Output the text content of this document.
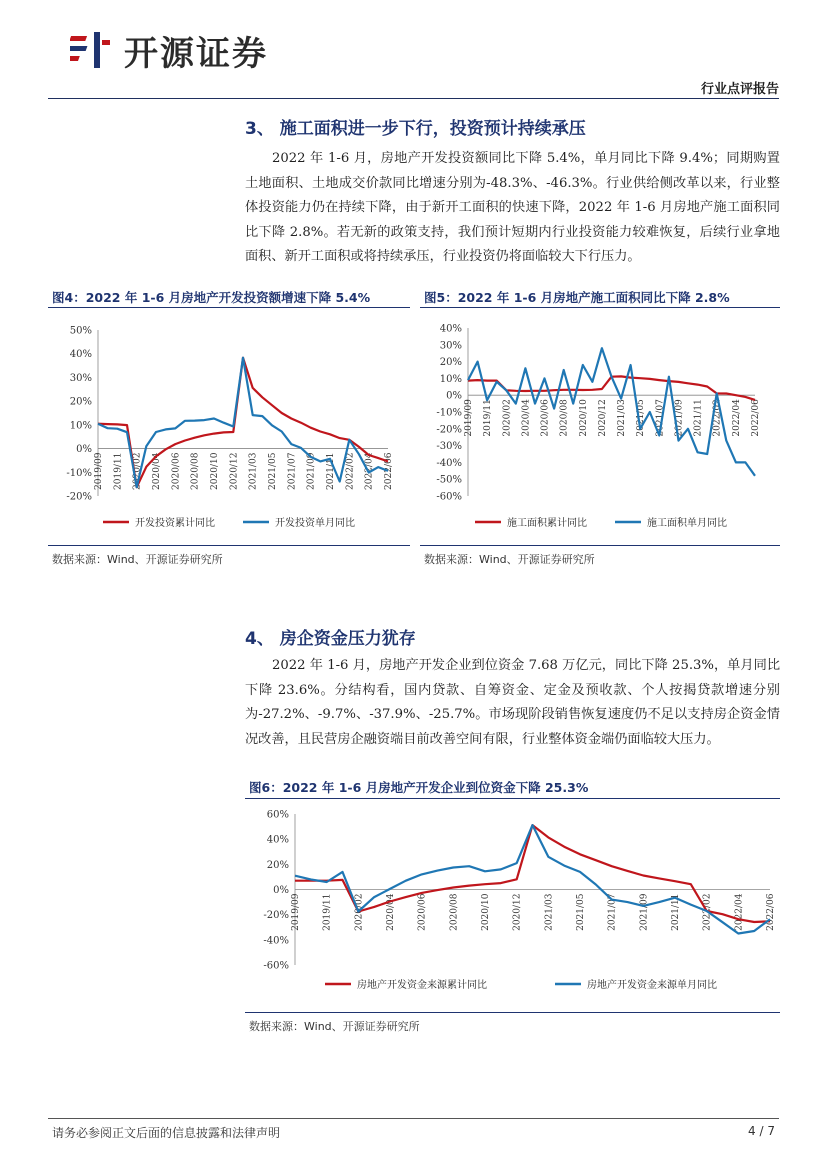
开源证券
行业点评报告
3、 施工面积进一步下行，投资预计持续承压
2022 年 1-6 月，房地产开发投资额同比下降 5.4%，单月同比下降 9.4%；同期购置土地面积、土地成交价款同比增速分别为-48.3%、-46.3%。行业供给侧改革以来，行业整体投资能力仍在持续下降，由于新开工面积的快速下降，2022 年 1-6 月房地产施工面积同比下降 2.8%。若无新的政策支持，我们预计短期内行业投资能力较难恢复，后续行业拿地面积、新开工面积或将持续承压，行业投资仍将面临较大下行压力。
图4：2022 年 1-6 月房地产开发投资额增速下降 5.4%
50%
40%
30%
20%
10%
0%
-10%
-20%
2019/09 2019/11 2020/02 2020/04 2020/06 2020/08 2020/10 2020/12 2021/03 2021/05 2021/07 2021/09 2021/11 2022/02 2022/04 2022/06
开发投资累计同比	开发投资单月同比
数据来源：Wind、开源证券研究所
图5：2022 年 1-6 月房地产施工面积同比下降 2.8%
40%
30%
20%
10%
0%
-10%
-20%
-30%
-40%
-50%
-60%
2019/09 2019/11 2020/02 2020/04 2020/06 2020/08 2020/10 2020/12 2021/03 2021/05 2021/07 2021/09 2021/11 2022/02 2022/04 2022/06
施工面积累计同比	施工面积单月同比
数据来源：Wind、开源证券研究所
4、 房企资金压力犹存
2022 年 1-6 月，房地产开发企业到位资金 7.68 万亿元，同比下降 25.3%，单月同比下降 23.6%。分结构看，国内贷款、自筹资金、定金及预收款、个人按揭贷款增速分别为-27.2%、-9.7%、-37.9%、-25.7%。市场现阶段销售恢复速度仍不足以支持房企资金情况改善，且民营房企融资端目前改善空间有限，行业整体资金端仍面临较大压力。
图6：2022 年 1-6 月房地产开发企业到位资金下降 25.3%
60%
40%
20%
0%
-20%
-40%
-60%
2019/09 2019/11 2020/02 2020/04 2020/06 2020/08 2020/10 2020/12 2021/03 2021/05 2021/07 2021/09 2021/11 2022/02 2022/04 2022/06
房地产开发资金来源累计同比	房地产开发资金来源单月同比
数据来源：Wind、开源证券研究所
请务必参阅正文后面的信息披露和法律声明	4 / 7
